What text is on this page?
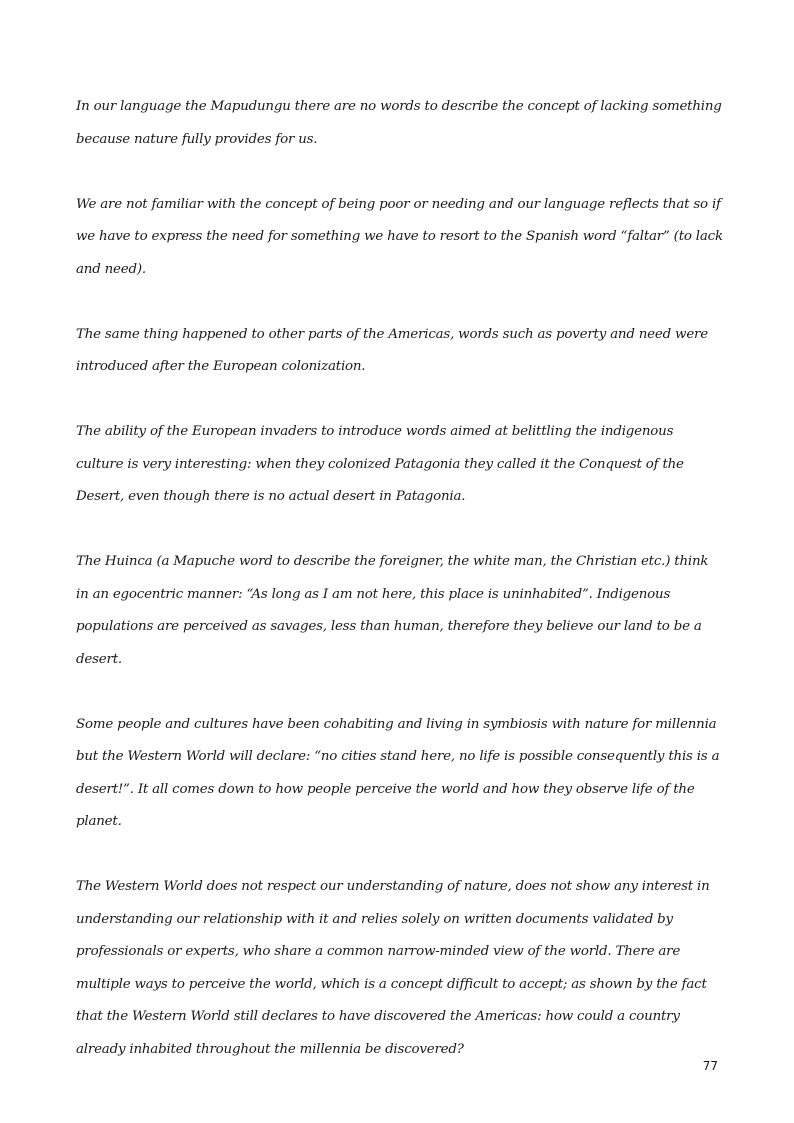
In our language the Mapudungu there are no words to describe the concept of lacking something because nature fully provides for us.

We are not familiar with the concept of being poor or needing and our language reflects that so if we have to express the need for something we have to resort to the Spanish word “faltar” (to lack and need).

The same thing happened to other parts of the Americas, words such as poverty and need were introduced after the European colonization.

The ability of the European invaders to introduce words aimed at belittling the indigenous culture is very interesting: when they colonized Patagonia they called it the Conquest of the Desert, even though there is no actual desert in Patagonia.

The Huinca (a Mapuche word to describe the foreigner, the white man, the Christian etc.) think in an egocentric manner: “As long as I am not here, this place is uninhabited”. Indigenous populations are perceived as savages, less than human, therefore they believe our land to be a desert.

Some people and cultures have been cohabiting and living in symbiosis with nature for millennia but the Western World will declare: “no cities stand here, no life is possible consequently this is a desert!”. It all comes down to how people perceive the world and how they observe life of the planet.

The Western World does not respect our understanding of nature, does not show any interest in understanding our relationship with it and relies solely on written documents validated by professionals or experts, who share a common narrow-minded view of the world. There are multiple ways to perceive the world, which is a concept difficult to accept; as shown by the fact that the Western World still declares to have discovered the Americas: how could a country already inhabited throughout the millennia be discovered?

77
